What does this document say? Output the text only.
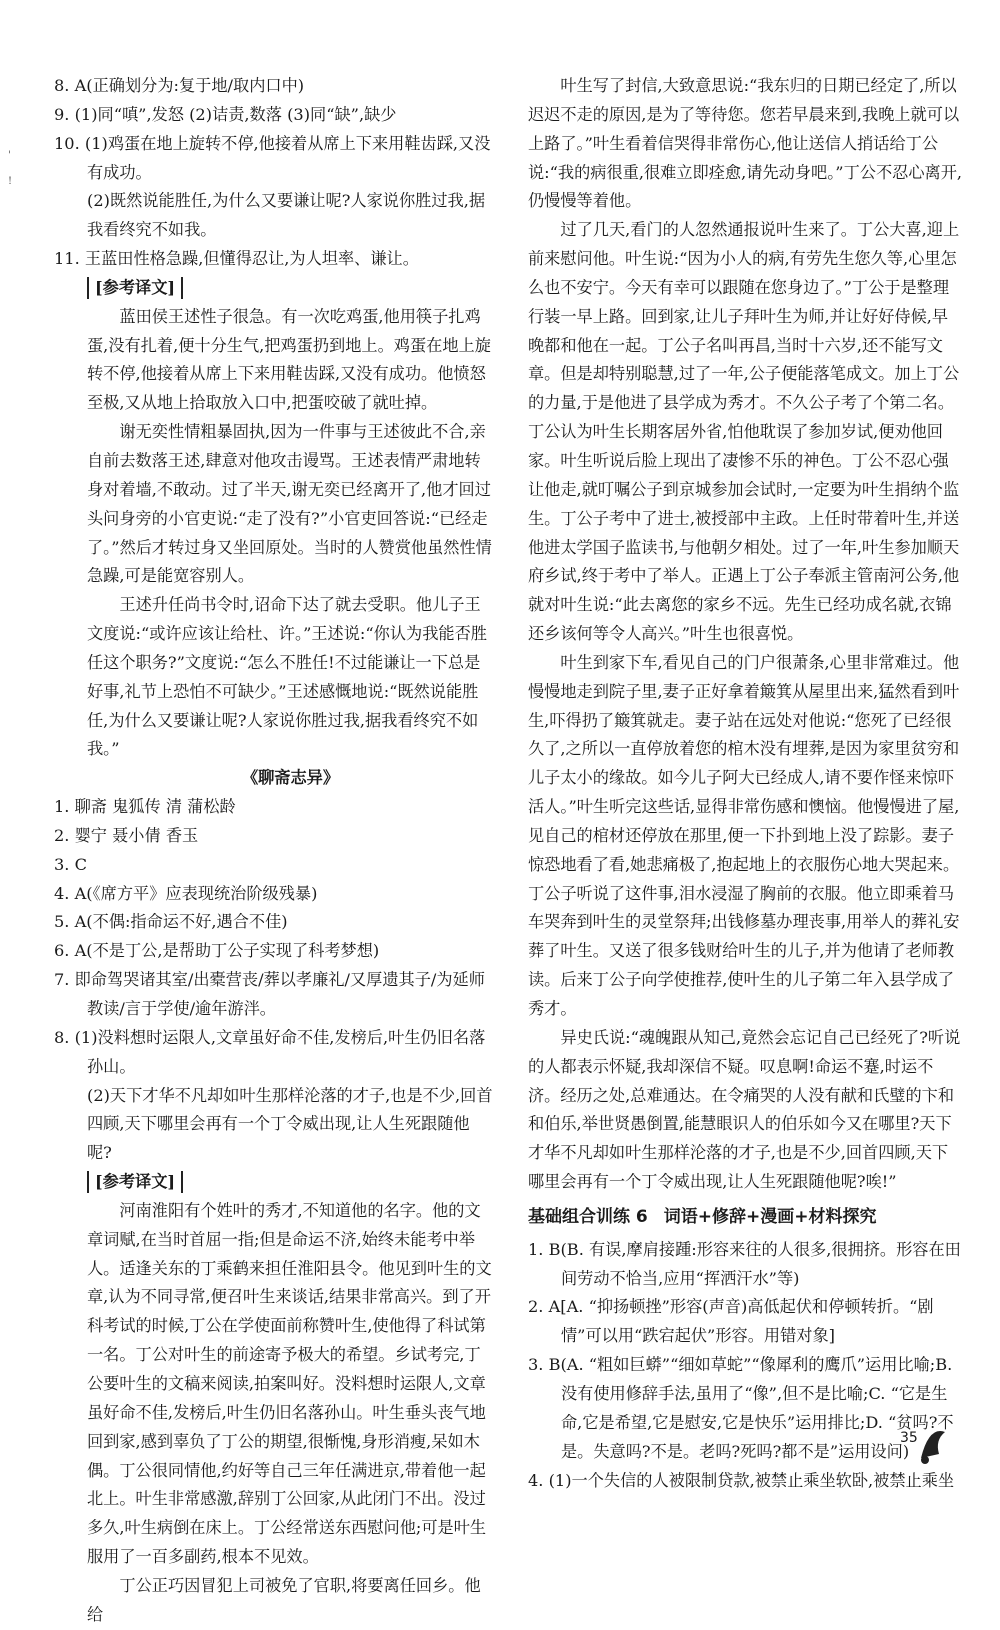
'
!

8. A(正确划分为:复于地/取内口中)

9. (1)同“嗔”,发怒 (2)诘责,数落 (3)同“缺”,缺少

10. (1)鸡蛋在地上旋转不停,他接着从席上下来用鞋齿踩,又没有成功。

(2)既然说能胜任,为什么又要谦让呢?人家说你胜过我,据我看终究不如我。

11. 王蓝田性格急躁,但懂得忍让,为人坦率、谦让。

[参考译文]

蓝田侯王述性子很急。有一次吃鸡蛋,他用筷子扎鸡蛋,没有扎着,便十分生气,把鸡蛋扔到地上。鸡蛋在地上旋转不停,他接着从席上下来用鞋齿踩,又没有成功。他愤怒至极,又从地上拾取放入口中,把蛋咬破了就吐掉。

谢无奕性情粗暴固执,因为一件事与王述彼此不合,亲自前去数落王述,肆意对他攻击谩骂。王述表情严肃地转身对着墙,不敢动。过了半天,谢无奕已经离开了,他才回过头问身旁的小官吏说:“走了没有?”小官吏回答说:“已经走了。”然后才转过身又坐回原处。当时的人赞赏他虽然性情急躁,可是能宽容别人。

王述升任尚书令时,诏命下达了就去受职。他儿子王文度说:“或许应该让给杜、许。”王述说:“你认为我能否胜任这个职务?”文度说:“怎么不胜任!不过能谦让一下总是好事,礼节上恐怕不可缺少。”王述感慨地说:“既然说能胜任,为什么又要谦让呢?人家说你胜过我,据我看终究不如我。”

《聊斋志异》

1. 聊斋 鬼狐传 清 蒲松龄

2. 婴宁 聂小倩 香玉

3. C

4. A(《席方平》应表现统治阶级残暴)

5. A(不偶:指命运不好,遇合不佳)

6. A(不是丁公,是帮助丁公子实现了科考梦想)

7. 即命驾哭诸其室/出橐营丧/葬以孝廉礼/又厚遗其子/为延师教读/言于学使/逾年游泮。

8. (1)没料想时运限人,文章虽好命不佳,发榜后,叶生仍旧名落孙山。

(2)天下才华不凡却如叶生那样沦落的才子,也是不少,回首四顾,天下哪里会再有一个丁令威出现,让人生死跟随他呢?

[参考译文]

河南淮阳有个姓叶的秀才,不知道他的名字。他的文章词赋,在当时首屈一指;但是命运不济,始终未能考中举人。适逢关东的丁乘鹤来担任淮阳县令。他见到叶生的文章,认为不同寻常,便召叶生来谈话,结果非常高兴。到了开科考试的时候,丁公在学使面前称赞叶生,使他得了科试第一名。丁公对叶生的前途寄予极大的希望。乡试考完,丁公要叶生的文稿来阅读,拍案叫好。没料想时运限人,文章虽好命不佳,发榜后,叶生仍旧名落孙山。叶生垂头丧气地回到家,感到辜负了丁公的期望,很惭愧,身形消瘦,呆如木偶。丁公很同情他,约好等自己三年任满进京,带着他一起北上。叶生非常感激,辞别丁公回家,从此闭门不出。没过多久,叶生病倒在床上。丁公经常送东西慰问他;可是叶生服用了一百多副药,根本不见效。

丁公正巧因冒犯上司被免了官职,将要离任回乡。他给

叶生写了封信,大致意思说:“我东归的日期已经定了,所以迟迟不走的原因,是为了等待您。您若早晨来到,我晚上就可以上路了。”叶生看着信哭得非常伤心,他让送信人捎话给丁公说:“我的病很重,很难立即痊愈,请先动身吧。”丁公不忍心离开,仍慢慢等着他。

过了几天,看门的人忽然通报说叶生来了。丁公大喜,迎上前来慰问他。叶生说:“因为小人的病,有劳先生您久等,心里怎么也不安宁。今天有幸可以跟随在您身边了。”丁公于是整理行装一早上路。回到家,让儿子拜叶生为师,并让好好侍候,早晚都和他在一起。丁公子名叫再昌,当时十六岁,还不能写文章。但是却特别聪慧,过了一年,公子便能落笔成文。加上丁公的力量,于是他进了县学成为秀才。不久公子考了个第二名。丁公认为叶生长期客居外省,怕他耽误了参加岁试,便劝他回家。叶生听说后脸上现出了凄惨不乐的神色。丁公不忍心强让他走,就叮嘱公子到京城参加会试时,一定要为叶生捐纳个监生。丁公子考中了进士,被授部中主政。上任时带着叶生,并送他进太学国子监读书,与他朝夕相处。过了一年,叶生参加顺天府乡试,终于考中了举人。正遇上丁公子奉派主管南河公务,他就对叶生说:“此去离您的家乡不远。先生已经功成名就,衣锦还乡该何等令人高兴。”叶生也很喜悦。

叶生到家下车,看见自己的门户很萧条,心里非常难过。他慢慢地走到院子里,妻子正好拿着簸箕从屋里出来,猛然看到叶生,吓得扔了簸箕就走。妻子站在远处对他说:“您死了已经很久了,之所以一直停放着您的棺木没有埋葬,是因为家里贫穷和儿子太小的缘故。如今儿子阿大已经成人,请不要作怪来惊吓活人。”叶生听完这些话,显得非常伤感和懊恼。他慢慢进了屋,见自己的棺材还停放在那里,便一下扑到地上没了踪影。妻子惊恐地看了看,她悲痛极了,抱起地上的衣服伤心地大哭起来。丁公子听说了这件事,泪水浸湿了胸前的衣服。他立即乘着马车哭奔到叶生的灵堂祭拜;出钱修墓办理丧事,用举人的葬礼安葬了叶生。又送了很多钱财给叶生的儿子,并为他请了老师教读。后来丁公子向学使推荐,使叶生的儿子第二年入县学成了秀才。

异史氏说:“魂魄跟从知己,竟然会忘记自己已经死了?听说的人都表示怀疑,我却深信不疑。叹息啊!命运不蹇,时运不济。经历之处,总难通达。在令痛哭的人没有献和氏璧的卞和和伯乐,举世贤愚倒置,能慧眼识人的伯乐如今又在哪里?天下才华不凡却如叶生那样沦落的才子,也是不少,回首四顾,天下哪里会再有一个丁令威出现,让人生死跟随他呢?唉!”

基础组合训练 6 词语+修辞+漫画+材料探究

1. B(B. 有误,摩肩接踵:形容来往的人很多,很拥挤。形容在田间劳动不恰当,应用“挥洒汗水”等)

2. A[A. “抑扬顿挫”形容(声音)高低起伏和停顿转折。“剧情”可以用“跌宕起伏”形容。用错对象]

3. B(A. “粗如巨蟒”“细如草蛇”“像犀利的鹰爪”运用比喻;B. 没有使用修辞手法,虽用了“像”,但不是比喻;C. “它是生命,它是希望,它是慰安,它是快乐”运用排比;D. “贫吗?不是。失意吗?不是。老吗?死吗?都不是”运用设问)

4. (1)一个失信的人被限制贷款,被禁止乘坐软卧,被禁止乘坐

35
